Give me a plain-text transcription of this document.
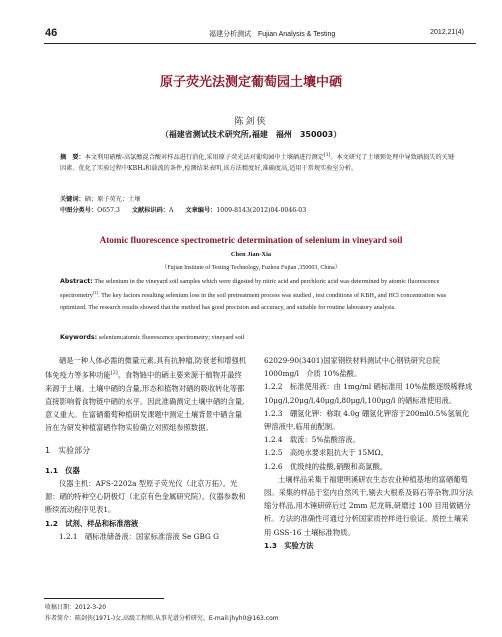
46	福建分析测试　Fujian Analysis & Testing	2012,21(4)
原子荧光法测定葡萄园土壤中硒
陈剑侠
（福建省测试技术研究所,福建　福州　350003）
摘　要：本文利用硝酸-高氯酸混合酸对样品进行消化,采用原子荧光法对葡萄园中土壤硒进行测定[1]。本文研究了土壤预处理中导致硒损失的关键因素。优化了实验过程中KBH₄和载流的条件,检测结果表明,该方法精度好,准确度高,适用于常规实验室分析。
关键词：硒；原子荧光；土壤
中图分类号：O657.3 文献标识码：A 文章编号：1009-8143(2012)04-0046-03
Atomic fluorescence spectrometric determination of selenium in vineyard soil
Chen Jian-Xia
（Fujian Institute of Testing Technology, Fuzhou Fujian ,350003, China）
Abstract: The selenium in the vineyard soil samples which were digested by nitric acid and perchloric acid was determined by atomic fluorescence spectrometry[1]. The key factors resulting selenium loss in the soil pretreatment process was studied , test conditions of KBH₄ and HCl concentration was optimized. The research results showed that the method has good precision and accuracy, and suitable for routine laboratory analysis.
Keywords: selenium;atomic fluorescence spectrometry; vineyard soil

硒是一种人体必需的微量元素,具有抗肿瘤,防衰老和增强机体免疫力等多种功能[2]。食物链中的硒主要来源于植物并最终来源于土壤。土壤中硒的含量,形态和植物对硒的吸收转化等都直接影响着食物链中硒的水平。因此准确测定土壤中硒的含量,意义重大。在富硒葡萄种植研发课题中测定土壤背景中硒含量旨在为研发种植富硒作物实验确立对照组参照数据。

1　实验部分

1.1　仪器

仪器主机：AFS-2202a 型原子荧光仪（北京万拓）。光源：硒的特种空心阴极灯（北京有色金属研究院）。仪器参数和断续流动程序见表1。

1.2　试剂、样品和标准溶液

1.2.1　硒标准储备液：国家标准溶液 Se GBG G

62029-90(3401)国家钢铁材料测试中心钢铁研究总院 1000mg/l　介质 10%盐酸。

1.2.2　标准使用液：由 1mg/ml 硒标准用 10%盐酸逐级稀释成 10μg/l,20μg/l,40μg/l,80μg/l,100μg/l 的硒标准使用液。

1.2.3　硼氢化钾：称取 4.0g 硼氢化钾溶于200ml0.5%氢氧化钾溶液中,临用前配制。

1.2.4　载流：5%盐酸溶液。

1.2.5　高纯水要求阻抗大于 15MΩ。

1.2.6　优级纯的盐酸,硝酸和高氯酸。

土壤样品采集于福建明溪研农生态农业种植基地的富硒葡萄园。采集的样品于室内自然风干,剔去大根系及砾石等杂物,四分法缩分样品,用木锤研碎后过 2mm 尼龙筛,研磨过 100 目用做硒分析。方法的准确性可通过分析国家质控样进行验证。质控土壤采用 GSS-16 土壤标准物质。

1.3　实验方法

收稿日期：2012-3-20
作者简介：陈剑侠(1971-)女,高级工程师,从事光谱分析研究。E-mail:jhyh0@163.com
